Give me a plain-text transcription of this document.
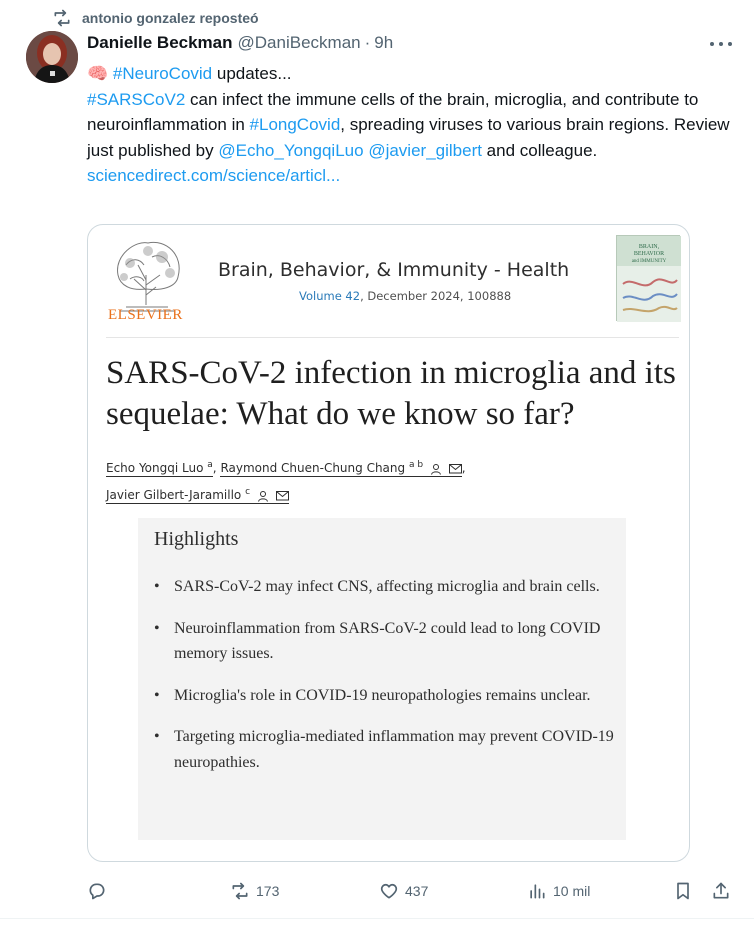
antonio gonzalez reposteó
Danielle Beckman @DaniBeckman · 9h
🧠 #NeuroCovid updates...
#SARSCoV2 can infect the immune cells of the brain, microglia, and contribute to neuroinflammation in #LongCovid, spreading viruses to various brain regions. Review just published by @Echo_YongqiLuo @javier_gilbert and colleague.
sciencedirect.com/science/articl...
ELSEVIER
Brain, Behavior, & Immunity - Health
Volume 42, December 2024, 100888
BRAIN,
BEHAVIOR
and IMMUNITY
SARS-CoV-2 infection in microglia and its sequelae: What do we know so far?
Echo Yongqi Luo $^a$, Raymond Chuen-Chung Chang $^{a b}$	,
Javier Gilbert-Jaramillo $^c$
Highlights
• SARS-CoV-2 may infect CNS, affecting microglia and brain cells.
• Neuroinflammation from SARS-CoV-2 could lead to long COVID memory issues.
• Microglia's role in COVID-19 neuropathologies remains unclear.
• Targeting microglia-mediated inflammation may prevent COVID-19 neuropathies.
173	437	10 mil
